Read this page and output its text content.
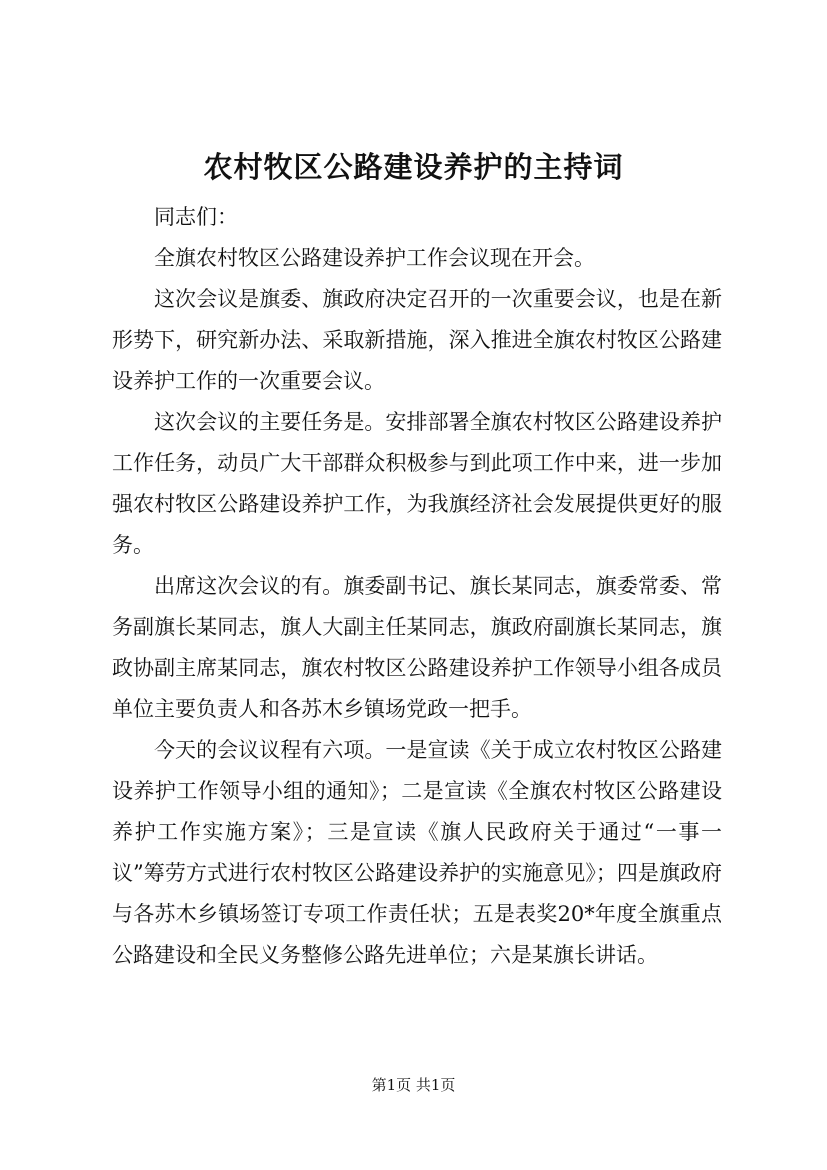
农村牧区公路建设养护的主持词

同志们：

全旗农村牧区公路建设养护工作会议现在开会。

这次会议是旗委、旗政府决定召开的一次重要会议，也是在新形势下，研究新办法、采取新措施，深入推进全旗农村牧区公路建设养护工作的一次重要会议。

这次会议的主要任务是。安排部署全旗农村牧区公路建设养护工作任务，动员广大干部群众积极参与到此项工作中来，进一步加强农村牧区公路建设养护工作，为我旗经济社会发展提供更好的服务。

出席这次会议的有。旗委副书记、旗长某同志，旗委常委、常务副旗长某同志，旗人大副主任某同志，旗政府副旗长某同志，旗政协副主席某同志，旗农村牧区公路建设养护工作领导小组各成员单位主要负责人和各苏木乡镇场党政一把手。

今天的会议议程有六项。一是宣读《关于成立农村牧区公路建设养护工作领导小组的通知》；二是宣读《全旗农村牧区公路建设养护工作实施方案》；三是宣读《旗人民政府关于通过“一事一议”筹劳方式进行农村牧区公路建设养护的实施意见》；四是旗政府与各苏木乡镇场签订专项工作责任状；五是表奖20*年度全旗重点公路建设和全民义务整修公路先进单位；六是某旗长讲话。

第1页 共1页
